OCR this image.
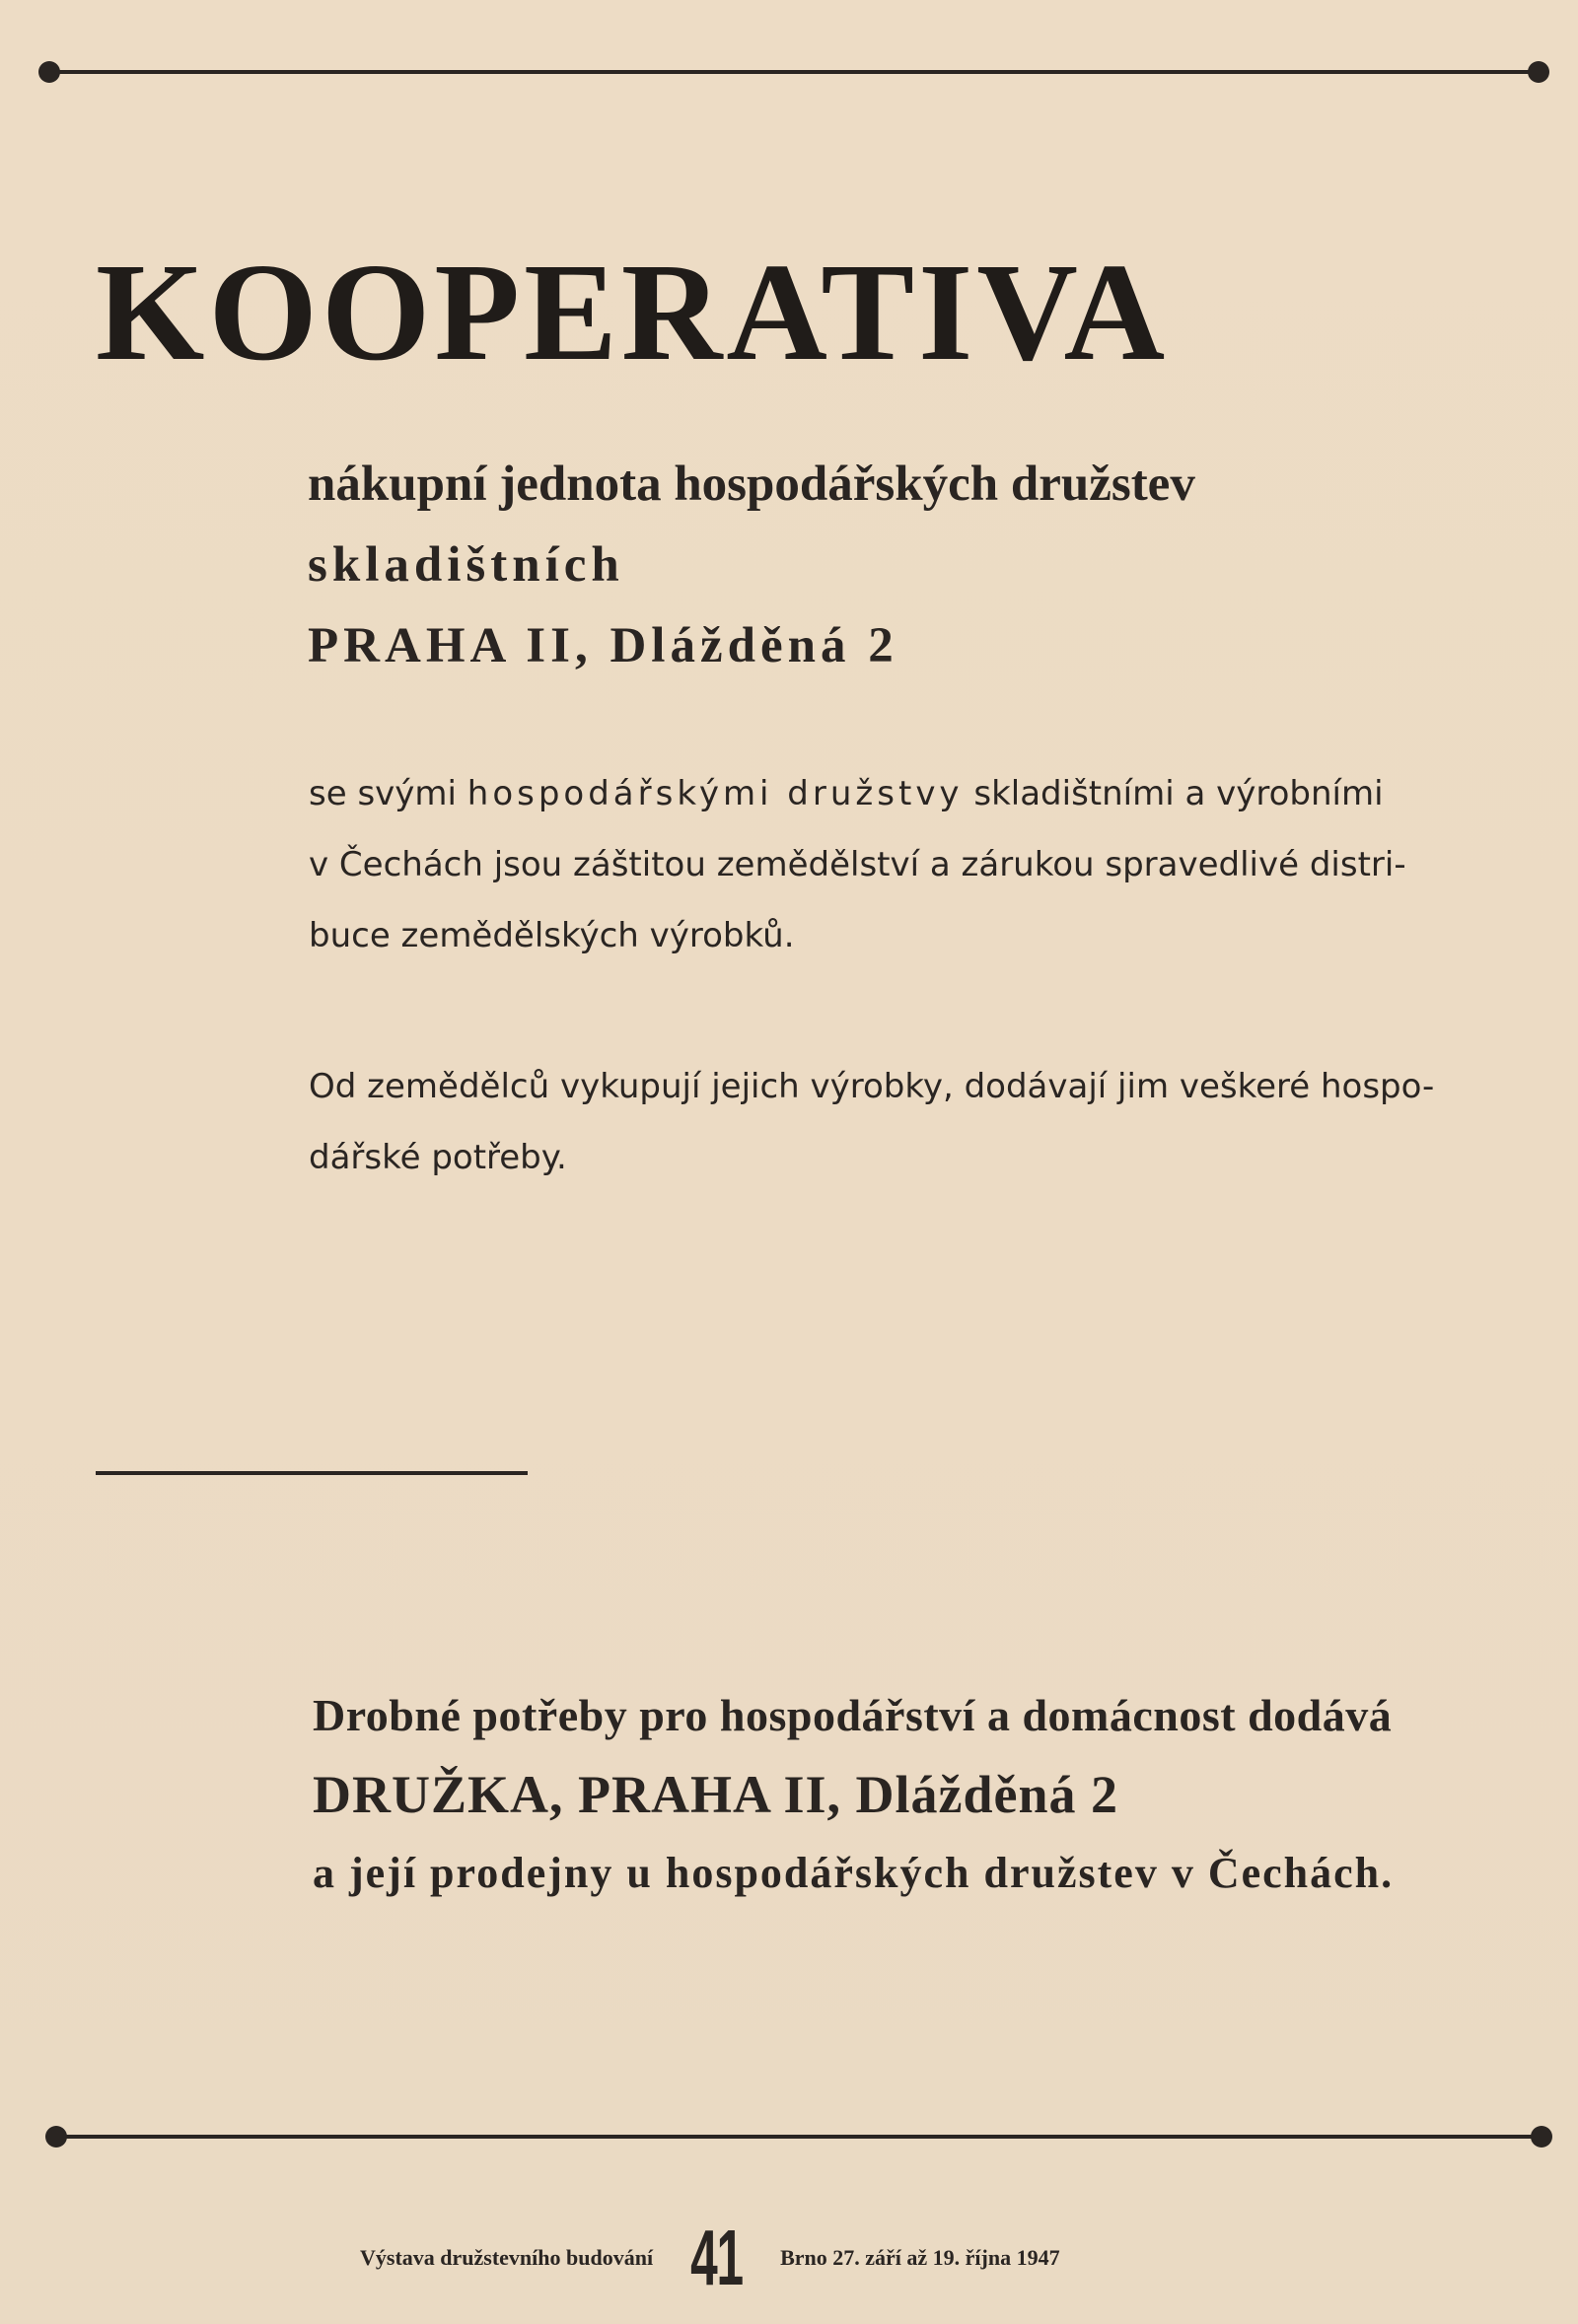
KOOPERATIVA
nákupní jednota hospodářských družstev
skladištních
PRAHA II, Dlážděná 2
se svými hospodářskými družstvy skladištními a výrobními
v Čechách jsou záštitou zemědělství a zárukou spravedlivé distri-
buce zemědělských výrobků.
Od zemědělců vykupují jejich výrobky, dodávají jim veškeré hospo-
dářské potřeby.
Drobné potřeby pro hospodářství a domácnost dodává
DRUŽKA, PRAHA II, Dlážděná 2
a její prodejny u hospodářských družstev v Čechách.
Výstava družstevního budování 41 Brno 27. září až 19. října 1947
